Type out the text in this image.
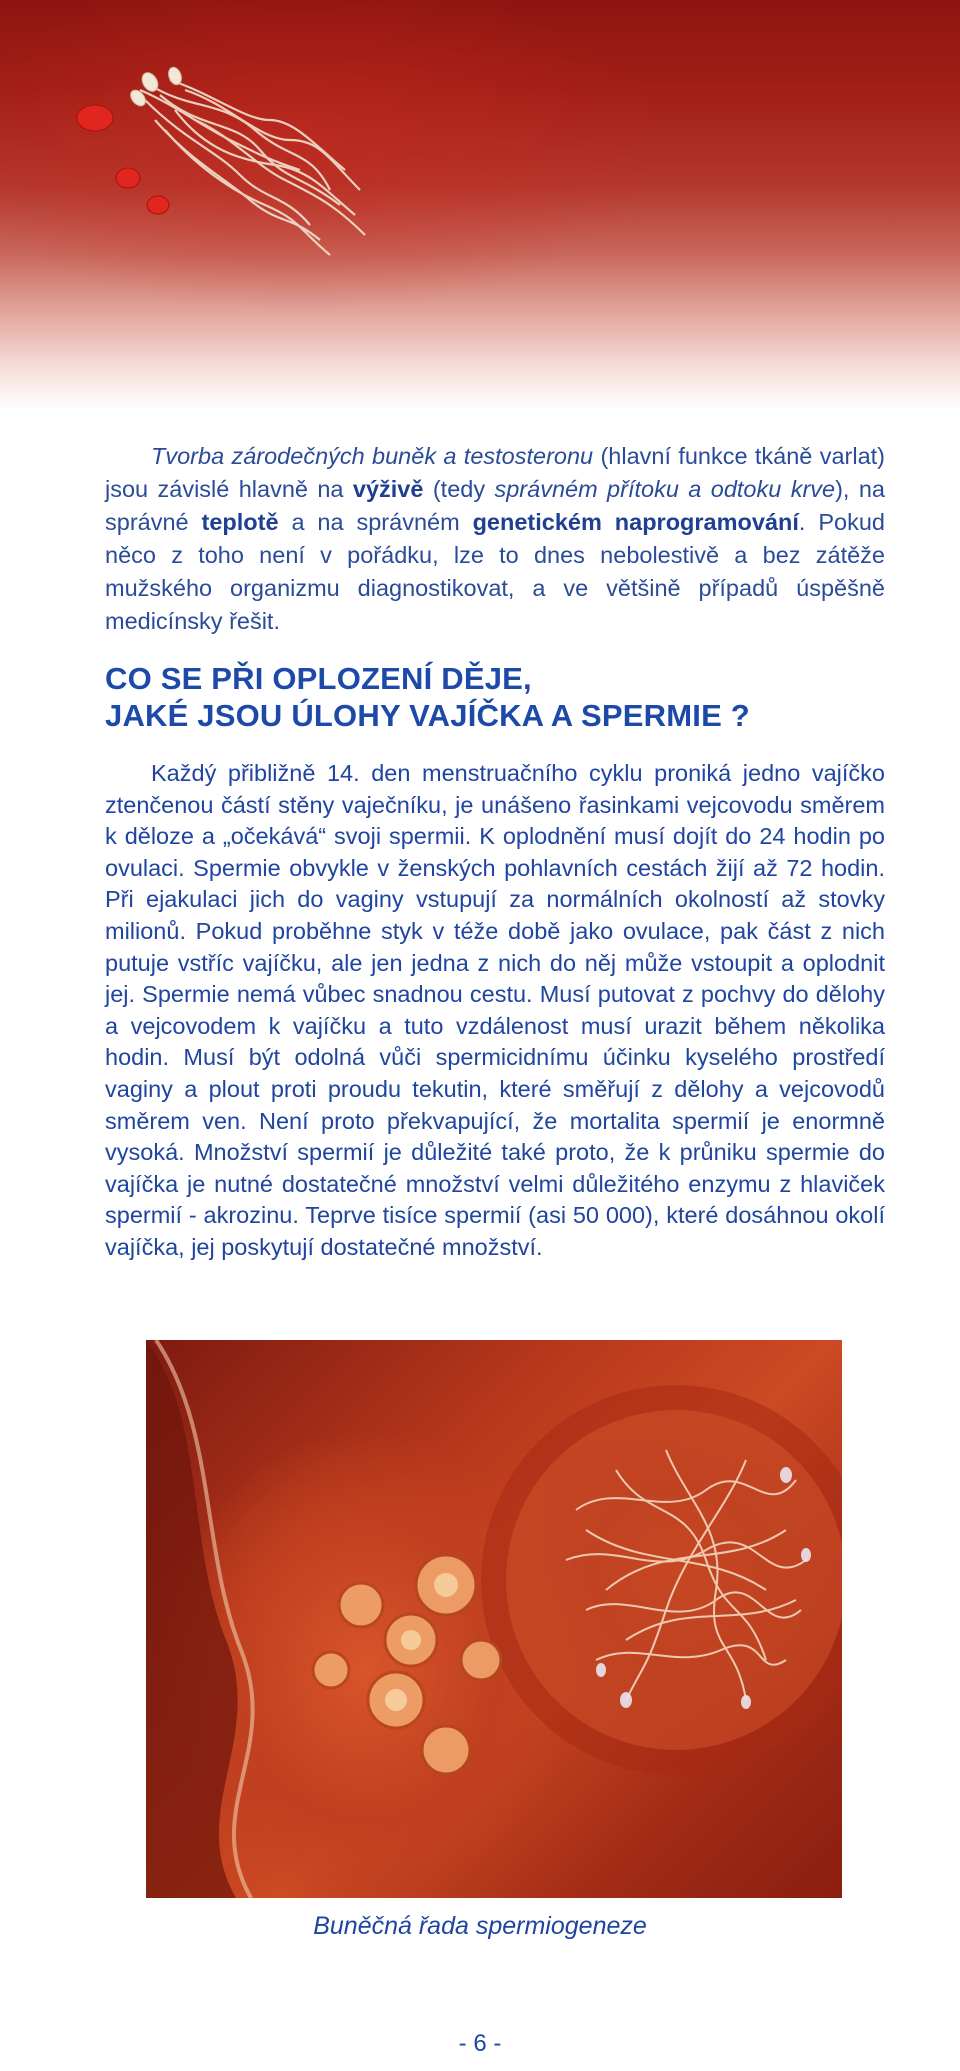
Tvorba zárodečných buněk a testosteronu (hlavní funkce tkáně varlat) jsou závislé hlavně na výživě (tedy správném přítoku a odtoku krve), na správné teplotě a na správném genetickém naprogramování. Pokud něco z toho není v pořádku, lze to dnes nebolestivě a bez zátěže mužského organizmu diagnostikovat, a ve většině případů úspěšně medicínsky řešit.

CO SE PŘI OPLOZENÍ DĚJE,
JAKÉ JSOU ÚLOHY VAJÍČKA A SPERMIE ?

Každý přibližně 14. den menstruačního cyklu proniká jedno vajíčko ztenčenou částí stěny vaječníku, je unášeno řasinkami vejcovodu směrem k děloze a „očekává“ svoji spermii. K oplodnění musí dojít do 24 hodin po ovulaci. Spermie obvykle v ženských pohlavních cestách žijí až 72 hodin. Při ejakulaci jich do vaginy vstupují za normálních okolností až stovky milionů. Pokud proběhne styk v téže době jako ovulace, pak část z nich putuje vstříc vajíčku, ale jen jedna z nich do něj může vstoupit a oplodnit jej. Spermie nemá vůbec snadnou cestu. Musí putovat z pochvy do dělohy a vejcovodem k vajíčku a tuto vzdálenost musí urazit během několika hodin. Musí být odolná vůči spermicidnímu účinku kyselého prostředí vaginy a plout proti proudu tekutin, které směřují z dělohy a vejcovodů směrem ven. Není proto překvapující, že mortalita spermií je enormně vysoká. Množství spermií je důležité také proto, že k průniku spermie do vajíčka je nutné dostatečné množství velmi důležitého enzymu z hlaviček spermií - akrozinu. Teprve tisíce spermií (asi 50 000), které dosáhnou okolí vajíčka, jej poskytují dostatečné množství.

Buněčná řada spermiogeneze
- 6 -
